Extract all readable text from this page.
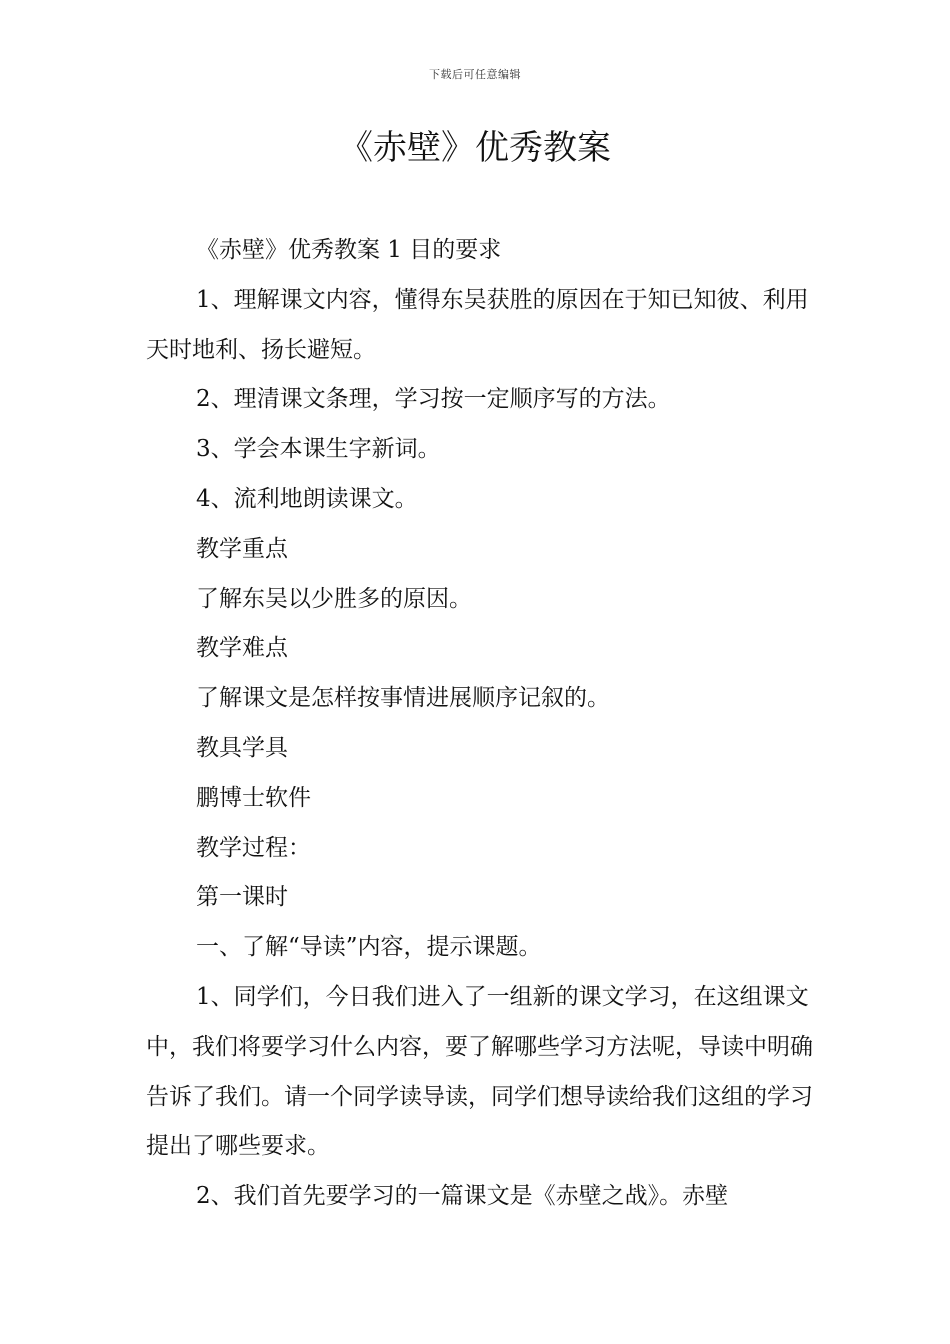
下载后可任意编辑
《赤壁》优秀教案

《赤壁》优秀教案 1 目的要求

1、理解课文内容，懂得东吴获胜的原因在于知已知彼、利用天时地利、扬长避短。

2、理清课文条理，学习按一定顺序写的方法。

3、学会本课生字新词。

4、流利地朗读课文。

教学重点

了解东吴以少胜多的原因。

教学难点

了解课文是怎样按事情进展顺序记叙的。

教具学具

鹏博士软件

教学过程：

第一课时

一、了解“导读”内容，提示课题。

1、同学们，今日我们进入了一组新的课文学习，在这组课文中，我们将要学习什么内容，要了解哪些学习方法呢，导读中明确告诉了我们。请一个同学读导读，同学们想导读给我们这组的学习提出了哪些要求。

2、我们首先要学习的一篇课文是《赤壁之战》。赤壁
